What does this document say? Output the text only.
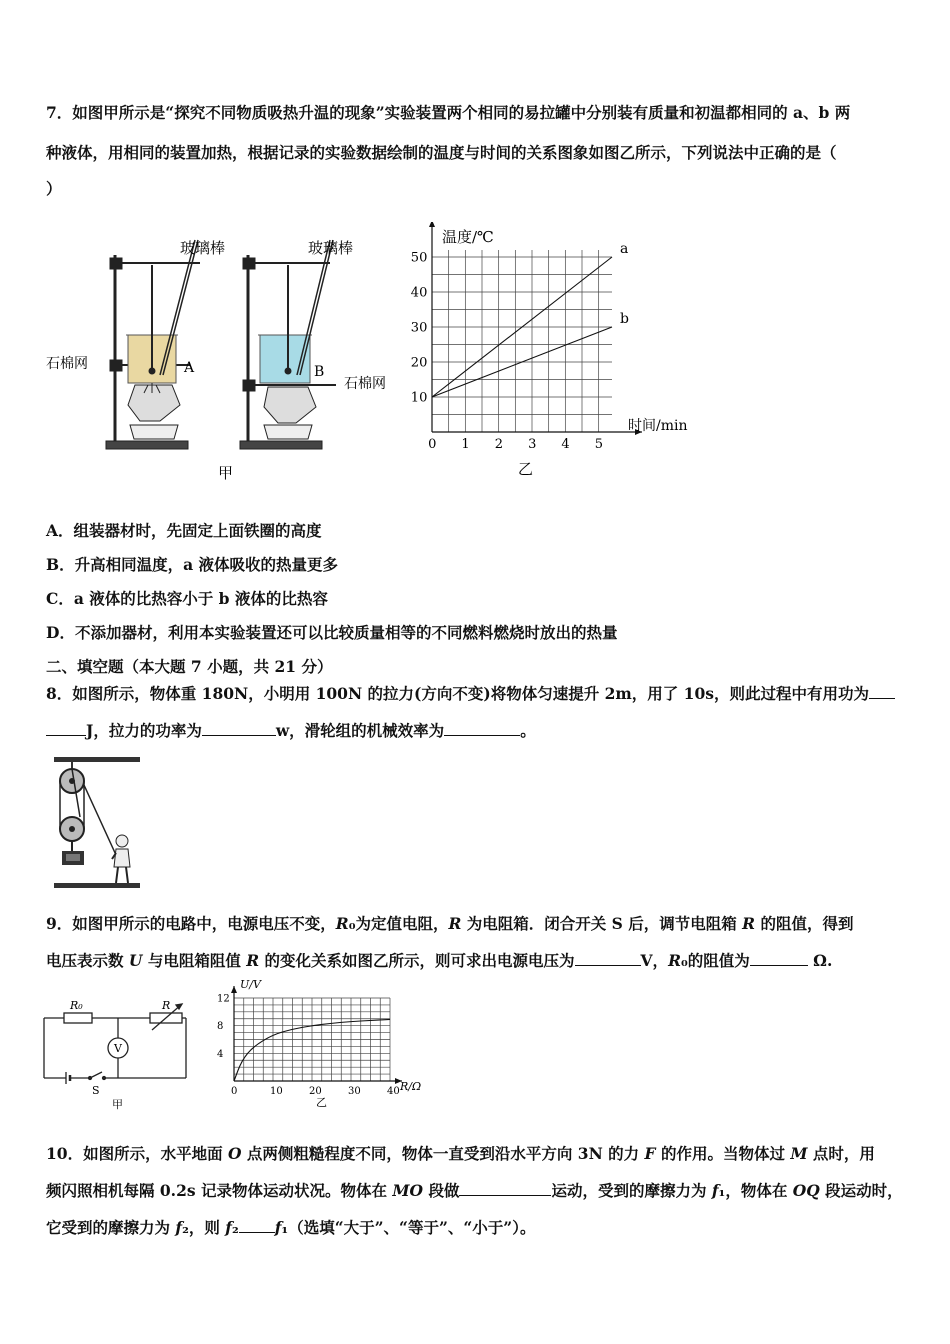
7．如图甲所示是“探究不同物质吸热升温的现象”实验装置两个相同的易拉罐中分别装有质量和初温都相同的 a、b 两
种液体，用相同的装置加热，根据记录的实验数据绘制的温度与时间的关系图象如图乙所示，下列说法中正确的是（
）
玻璃棒	玻璃棒
石棉网
石棉网
A	B
甲
0 1 2 3 4 5
10
20
30
40
50
a
b
温度/℃
时间/min
乙
A．组装器材时，先固定上面铁圈的高度
B．升高相同温度，a 液体吸收的热量更多
C．a 液体的比热容小于 b 液体的比热容
D．不添加器材，利用本实验装置还可以比较质量相等的不同燃料燃烧时放出的热量
二、填空题（本大题 7 小题，共 21 分）
8．如图所示，物体重 180N，小明用 100N 的拉力(方向不变)将物体匀速提升 2m，用了 10s，则此过程中有用功为
J，拉力的功率为	w，滑轮组的机械效率为	。
9．如图甲所示的电路中，电源电压不变，R₀为定值电阻，R 为电阻箱．闭合开关 S 后，调节电阻箱 R 的阻值，得到
电压表示数 U 与电阻箱阻值 R 的变化关系如图乙所示，则可求出电源电压为	V，R₀的阻值为	Ω.
R₀	R
V
S
甲
0	10	20	30	40
4
8
12
U/V
R/Ω
乙
10．如图所示，水平地面 O 点两侧粗糙程度不同，物体一直受到沿水平方向 3N 的力 F 的作用。当物体过 M 点时，用
频闪照相机每隔 0.2s 记录物体运动状况。物体在 MO 段做	运动，受到的摩擦力为 f₁，物体在 OQ 段运动时，
它受到的摩擦力为 f₂，则 f₂ f₁（选填“大于”、“等于”、“小于”）。
